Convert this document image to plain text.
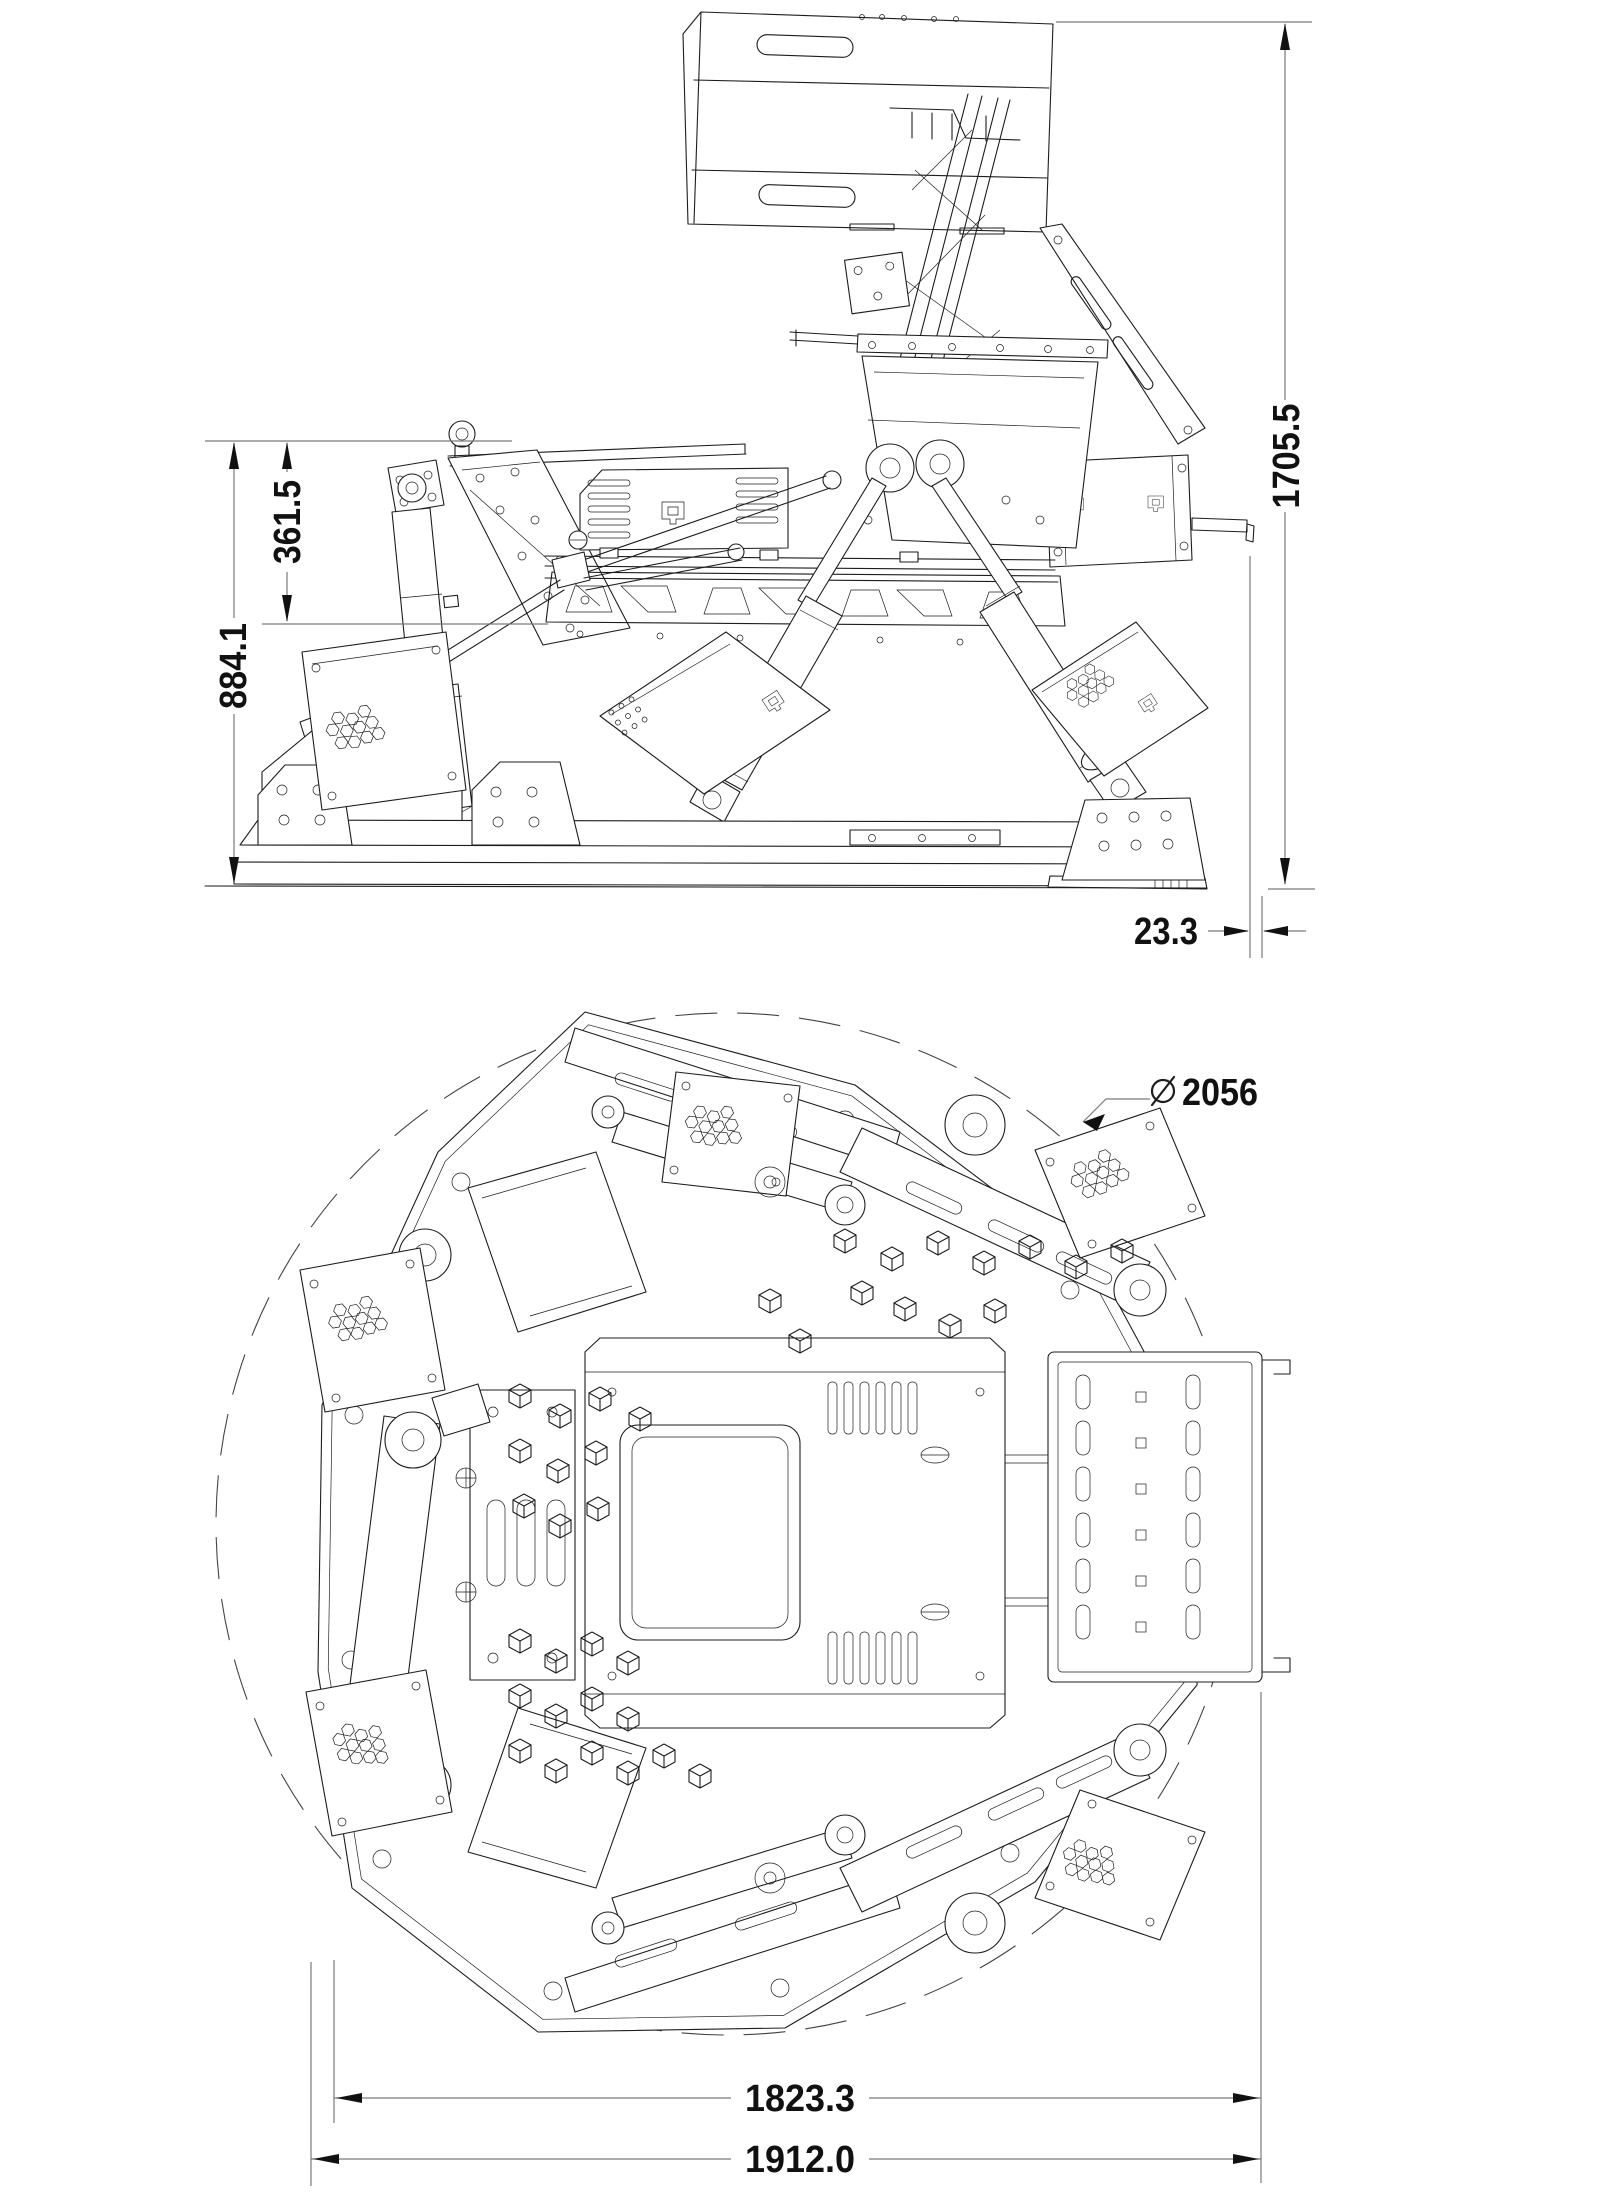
1705.5
361.5
884.1
23.3
2056
1823.3
1912.0
